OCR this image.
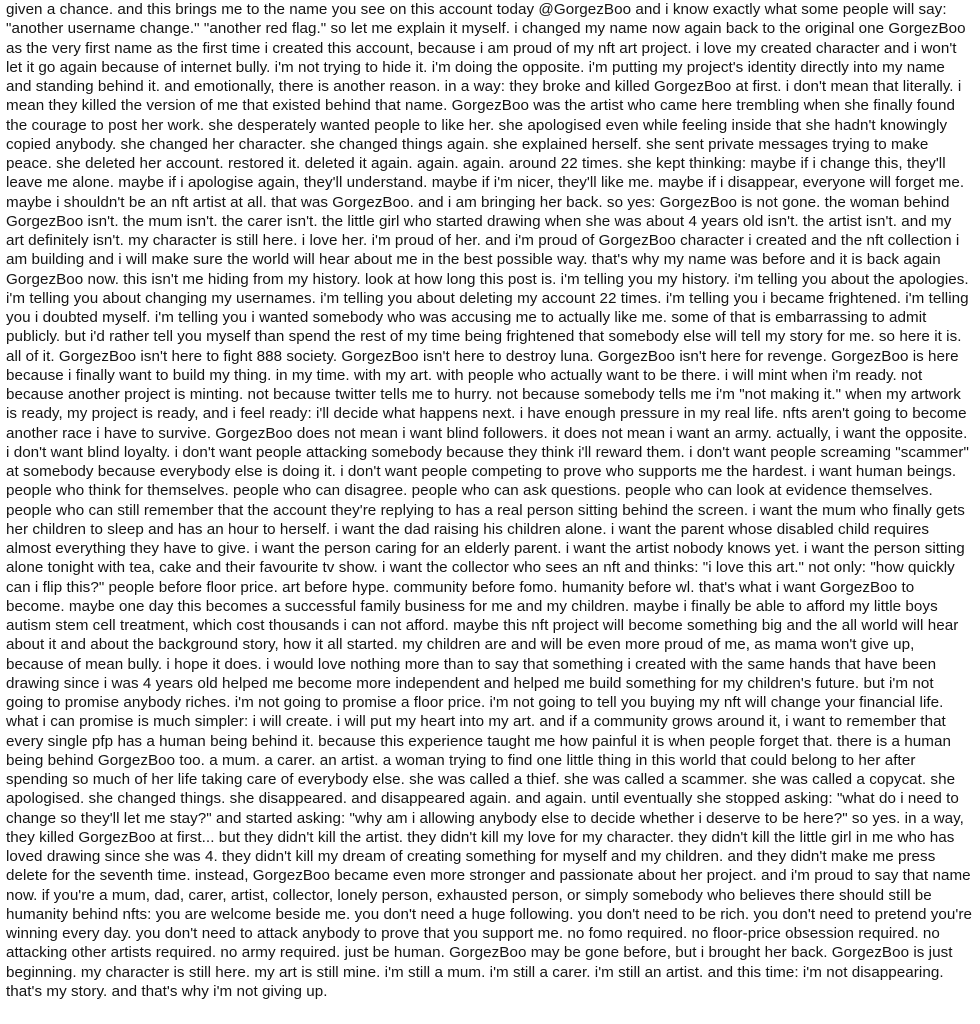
given a chance. and this brings me to the name you see on this account today @GorgezBoo and i know exactly what some people will say: "another username change." "another red flag." so let me explain it myself. i changed my name now again back to the original one GorgezBoo as the very first name as the first time i created this account, because i am proud of my nft art project. i love my created character and i won't let it go again because of internet bully. i'm not trying to hide it. i'm doing the opposite. i'm putting my project's identity directly into my name and standing behind it. and emotionally, there is another reason. in a way: they broke and killed GorgezBoo at first. i don't mean that literally. i mean they killed the version of me that existed behind that name. GorgezBoo was the artist who came here trembling when she finally found the courage to post her work. she desperately wanted people to like her. she apologised even while feeling inside that she hadn't knowingly copied anybody. she changed her character. she changed things again. she explained herself. she sent private messages trying to make peace. she deleted her account. restored it. deleted it again. again. again. around 22 times. she kept thinking: maybe if i change this, they'll leave me alone. maybe if i apologise again, they'll understand. maybe if i'm nicer, they'll like me. maybe if i disappear, everyone will forget me. maybe i shouldn't be an nft artist at all. that was GorgezBoo. and i am bringing her back. so yes: GorgezBoo is not gone. the woman behind GorgezBoo isn't. the mum isn't. the carer isn't. the little girl who started drawing when she was about 4 years old isn't. the artist isn't. and my art definitely isn't. my character is still here. i love her. i'm proud of her. and i'm proud of GorgezBoo character i created and the nft collection i am building and i will make sure the world will hear about me in the best possible way. that's why my name was before and it is back again GorgezBoo now. this isn't me hiding from my history. look at how long this post is. i'm telling you my history. i'm telling you about the apologies. i'm telling you about changing my usernames. i'm telling you about deleting my account 22 times. i'm telling you i became frightened. i'm telling you i doubted myself. i'm telling you i wanted somebody who was accusing me to actually like me. some of that is embarrassing to admit publicly. but i'd rather tell you myself than spend the rest of my time being frightened that somebody else will tell my story for me. so here it is. all of it. GorgezBoo isn't here to fight 888 society. GorgezBoo isn't here to destroy luna. GorgezBoo isn't here for revenge. GorgezBoo is here because i finally want to build my thing. in my time. with my art. with people who actually want to be there. i will mint when i'm ready. not because another project is minting. not because twitter tells me to hurry. not because somebody tells me i'm "not making it." when my artwork is ready, my project is ready, and i feel ready: i'll decide what happens next. i have enough pressure in my real life. nfts aren't going to become another race i have to survive. GorgezBoo does not mean i want blind followers. it does not mean i want an army. actually, i want the opposite. i don't want blind loyalty. i don't want people attacking somebody because they think i'll reward them. i don't want people screaming "scammer" at somebody because everybody else is doing it. i don't want people competing to prove who supports me the hardest. i want human beings. people who think for themselves. people who can disagree. people who can ask questions. people who can look at evidence themselves. people who can still remember that the account they're replying to has a real person sitting behind the screen. i want the mum who finally gets her children to sleep and has an hour to herself. i want the dad raising his children alone. i want the parent whose disabled child requires almost everything they have to give. i want the person caring for an elderly parent. i want the artist nobody knows yet. i want the person sitting alone tonight with tea, cake and their favourite tv show. i want the collector who sees an nft and thinks: "i love this art." not only: "how quickly can i flip this?" people before floor price. art before hype. community before fomo. humanity before wl. that's what i want GorgezBoo to become. maybe one day this becomes a successful family business for me and my children. maybe i finally be able to afford my little boys autism stem cell treatment, which cost thousands i can not afford. maybe this nft project will become something big and the all world will hear about it and about the background story, how it all started. my children are and will be even more proud of me, as mama won't give up, because of mean bully. i hope it does. i would love nothing more than to say that something i created with the same hands that have been drawing since i was 4 years old helped me become more independent and helped me build something for my children's future. but i'm not going to promise anybody riches. i'm not going to promise a floor price. i'm not going to tell you buying my nft will change your financial life. what i can promise is much simpler: i will create. i will put my heart into my art. and if a community grows around it, i want to remember that every single pfp has a human being behind it. because this experience taught me how painful it is when people forget that. there is a human being behind GorgezBoo too. a mum. a carer. an artist. a woman trying to find one little thing in this world that could belong to her after spending so much of her life taking care of everybody else. she was called a thief. she was called a scammer. she was called a copycat. she apologised. she changed things. she disappeared. and disappeared again. and again. until eventually she stopped asking: "what do i need to change so they'll let me stay?" and started asking: "why am i allowing anybody else to decide whether i deserve to be here?" so yes. in a way, they killed GorgezBoo at first... but they didn't kill the artist. they didn't kill my love for my character. they didn't kill the little girl in me who has loved drawing since she was 4. they didn't kill my dream of creating something for myself and my children. and they didn't make me press delete for the seventh time. instead, GorgezBoo became even more stronger and passionate about her project. and i'm proud to say that name now. if you're a mum, dad, carer, artist, collector, lonely person, exhausted person, or simply somebody who believes there should still be humanity behind nfts: you are welcome beside me. you don't need a huge following. you don't need to be rich. you don't need to pretend you're winning every day. you don't need to attack anybody to prove that you support me. no fomo required. no floor-price obsession required. no attacking other artists required. no army required. just be human. GorgezBoo may be gone before, but i brought her back. GorgezBoo is just beginning. my character is still here. my art is still mine. i'm still a mum. i'm still a carer. i'm still an artist. and this time: i'm not disappearing. that's my story. and that's why i'm not giving up.
